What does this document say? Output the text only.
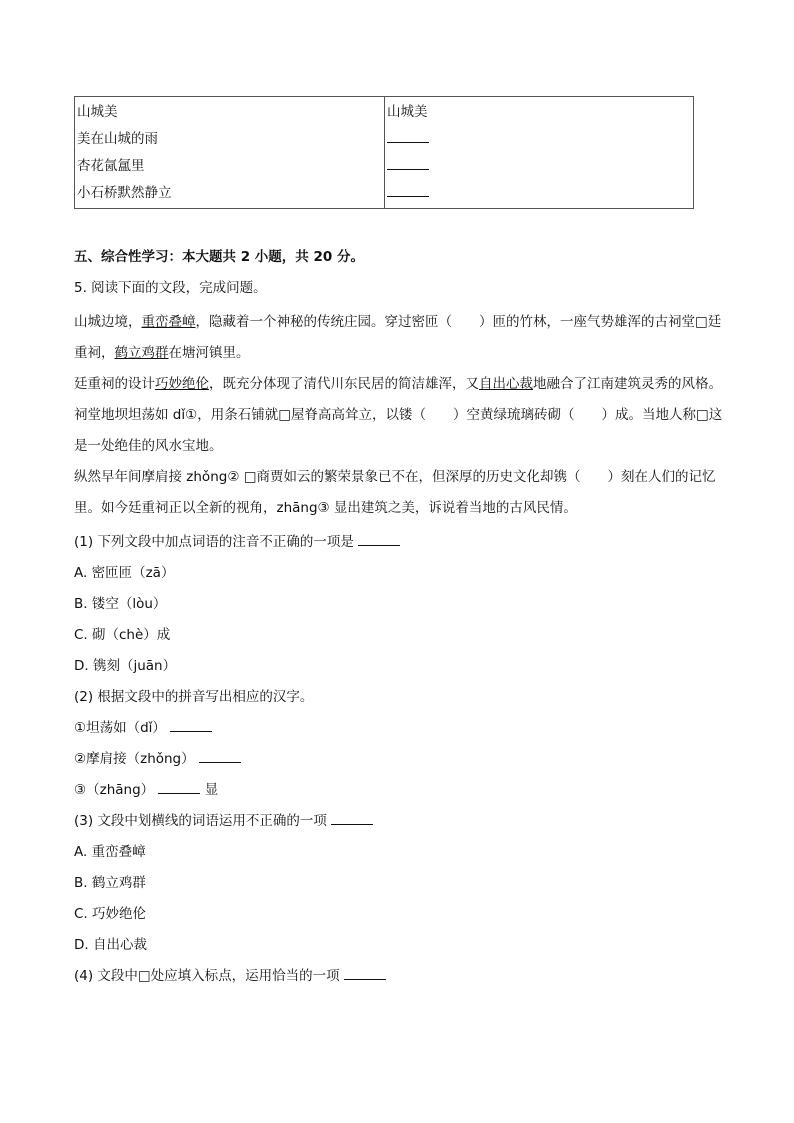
山城美
美在山城的雨
杏花氤氲里
小石桥默然静立
山城美
五、综合性学习：本大题共 2 小题，共 20 分。
5. 阅读下面的文段，完成问题。
山城边境，重峦叠嶂，隐藏着一个神秘的传统庄园。穿过密匝（　　）匝的竹林，一座气势雄浑的古祠堂□廷重祠，鹤立鸡群在塘河镇里。
廷重祠的设计巧妙绝伦，既充分体现了清代川东民居的简洁雄浑，又自出心裁地融合了江南建筑灵秀的风格。祠堂地坝坦荡如 dǐ①，用条石铺就□屋脊高高耸立，以镂（　　）空黄绿琉璃砖砌（　　）成。当地人称□这是一处绝佳的风水宝地。
纵然早年间摩肩接 zhǒng② □商贾如云的繁荣景象已不在，但深厚的历史文化却镌（　　）刻在人们的记忆里。如今廷重祠正以全新的视角，zhāng③ 显出建筑之美，诉说着当地的古风民情。
(1) 下列文段中加点词语的注音不正确的一项是
A. 密匝匝（zā）
B. 镂空（lòu）
C. 砌（chè）成
D. 镌刻（juān）
(2) 根据文段中的拼音写出相应的汉字。
①坦荡如（dǐ）
②摩肩接（zhǒng）
③（zhāng）	显
(3) 文段中划横线的词语运用不正确的一项
A. 重峦叠嶂
B. 鹤立鸡群
C. 巧妙绝伦
D. 自出心裁
(4) 文段中□处应填入标点，运用恰当的一项
